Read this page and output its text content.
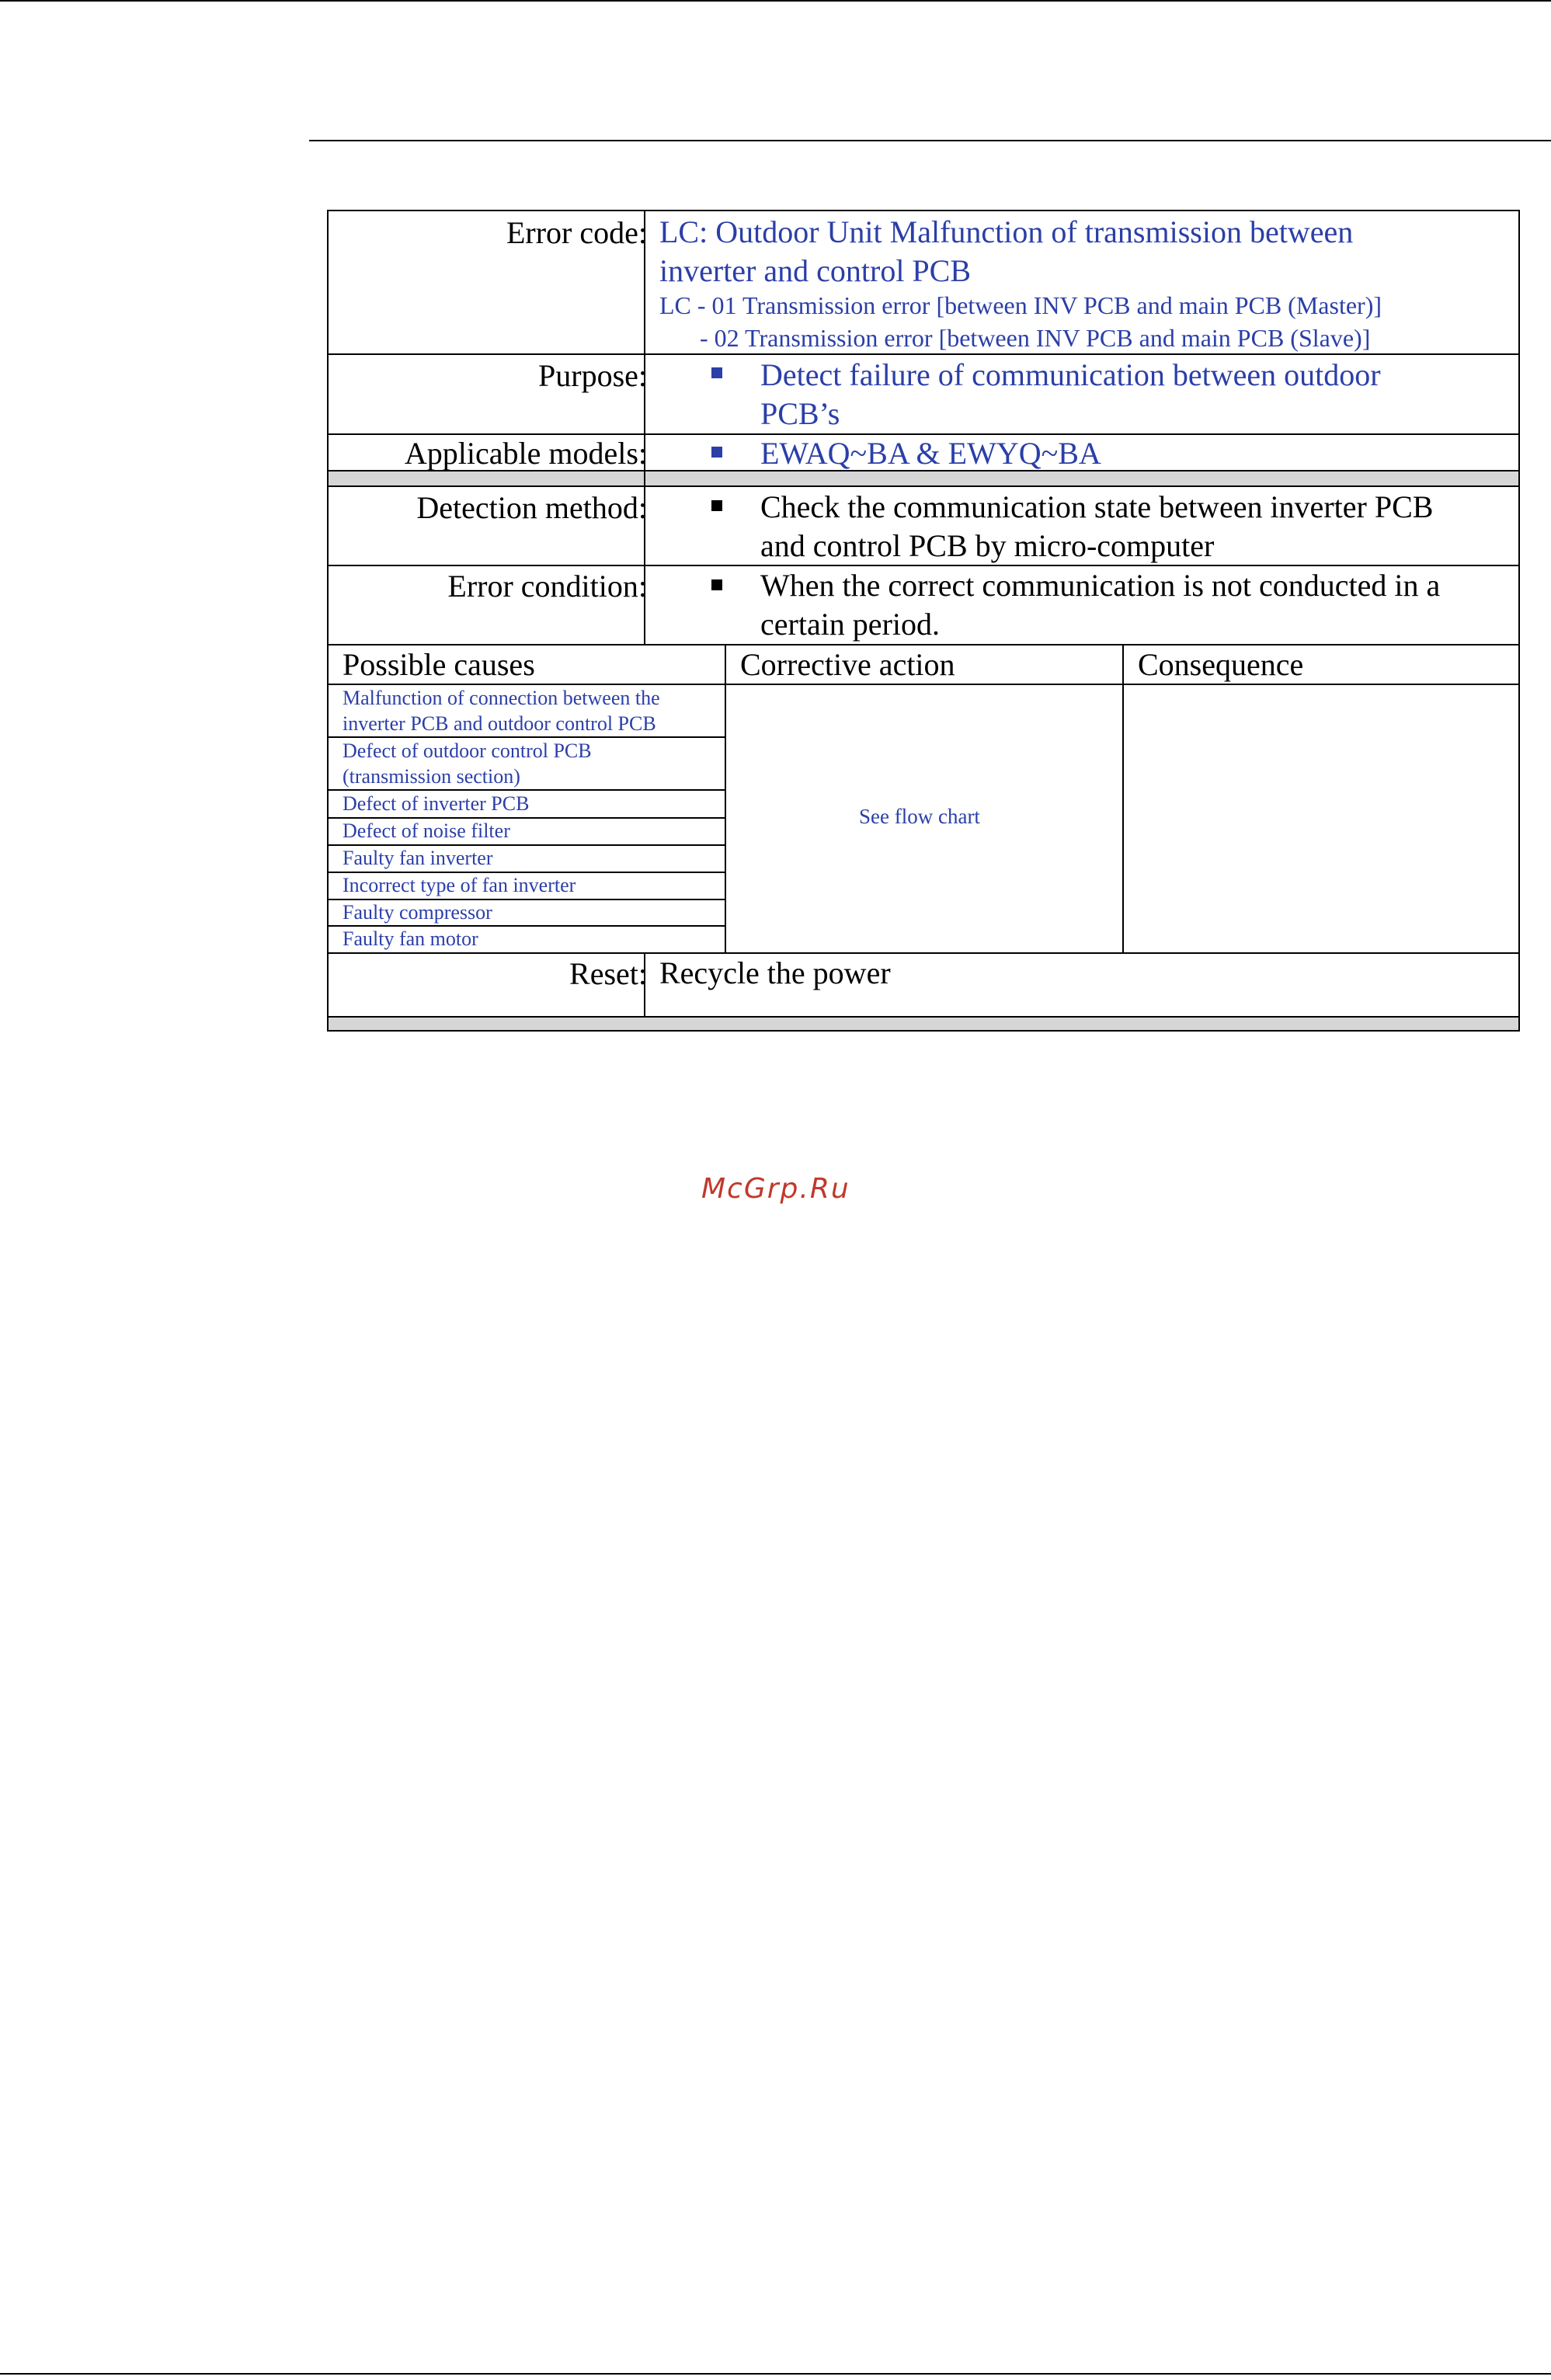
Error code: LC: Outdoor Unit Malfunction of transmission between
inverter and control PCB
LC - 01 Transmission error [between INV PCB and main PCB (Master)]
- 02 Transmission error [between INV PCB and main PCB (Slave)]
Purpose:	Detect failure of communication between outdoor
PCB’s
Applicable models:	EWAQ~BA & EWYQ~BA
Detection method:	Check the communication state between inverter PCB
and control PCB by micro-computer
Error condition:	When the correct communication is not conducted in a
certain period.
Possible causes	Corrective action	Consequence
Malfunction of connection between the
inverter PCB and outdoor control PCB
Defect of outdoor control PCB
(transmission section)
Defect of inverter PCB
Defect of noise filter
Faulty fan inverter
Incorrect type of fan inverter
Faulty compressor
Faulty fan motor
See flow chart
Reset: Recycle the power
McGrp.Ru
